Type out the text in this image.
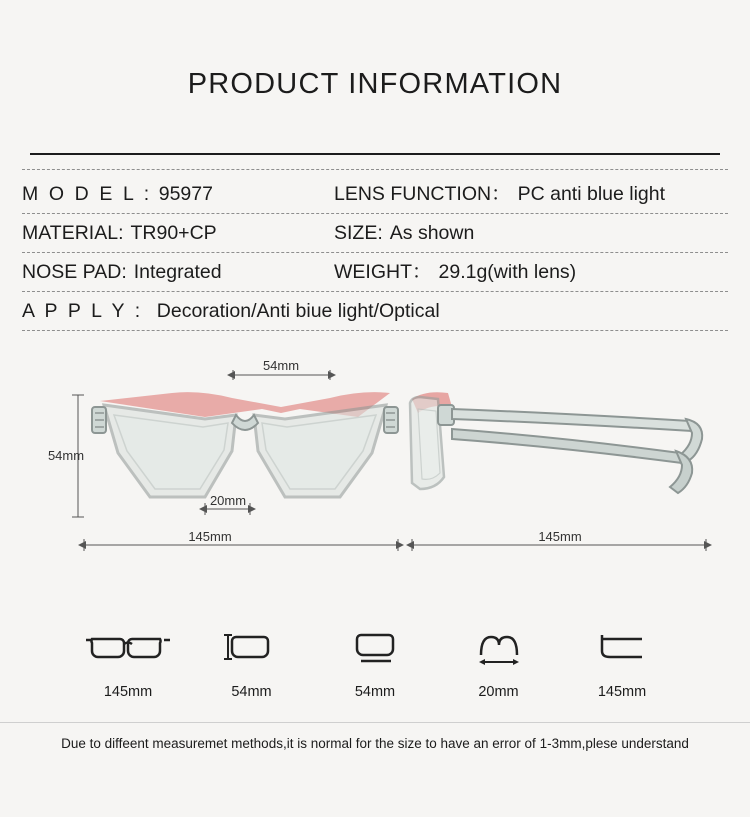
PRODUCT INFORMATION
M O D E L : 95977	LENS FUNCTION： PC anti blue light
MATERIAL: TR90+CP	SIZE: As shown
NOSE PAD: Integrated	WEIGHT： 29.1g(with lens)
A P P L Y : Decoration/Anti biue light/Optical
54mm
54mm
20mm
145mm	145mm
145mm	54mm	54mm	20mm	145mm
Due to diffeent measuremet methods,it is normal for the size to have an error of 1-3mm,plese understand
